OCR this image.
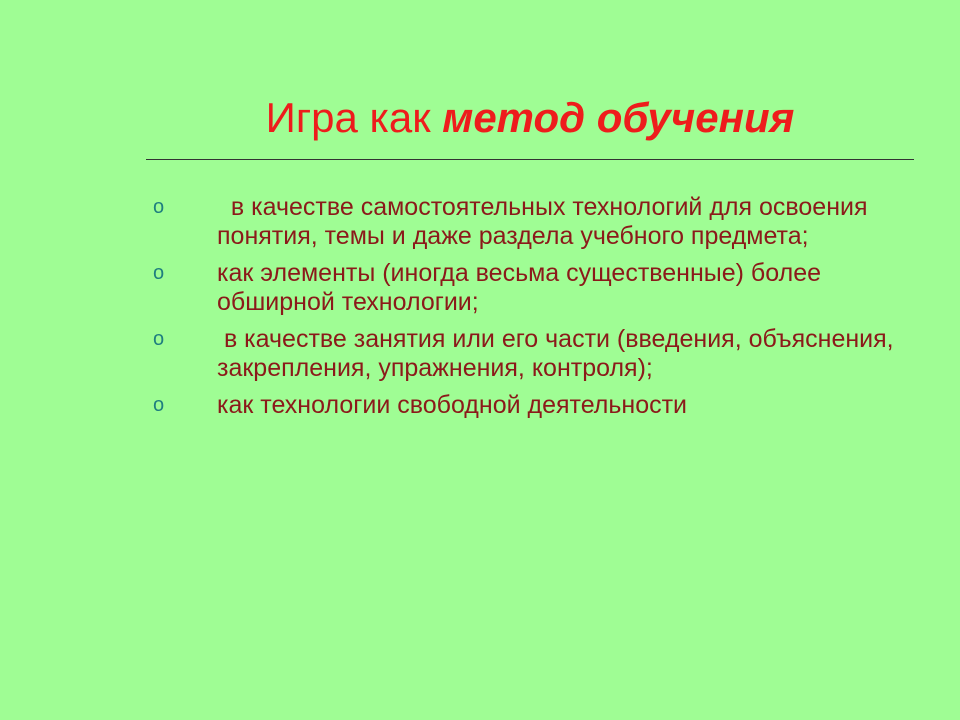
Игра как метод обучения
o в качестве самостоятельных технологий для освоения понятия, темы и даже раздела учебного предмета;
o как элементы (иногда весьма существенные) более обширной технологии;
o в качестве занятия или его части (введения, объяснения, закрепления, упражнения, контроля);
o как технологии свободной деятельности
